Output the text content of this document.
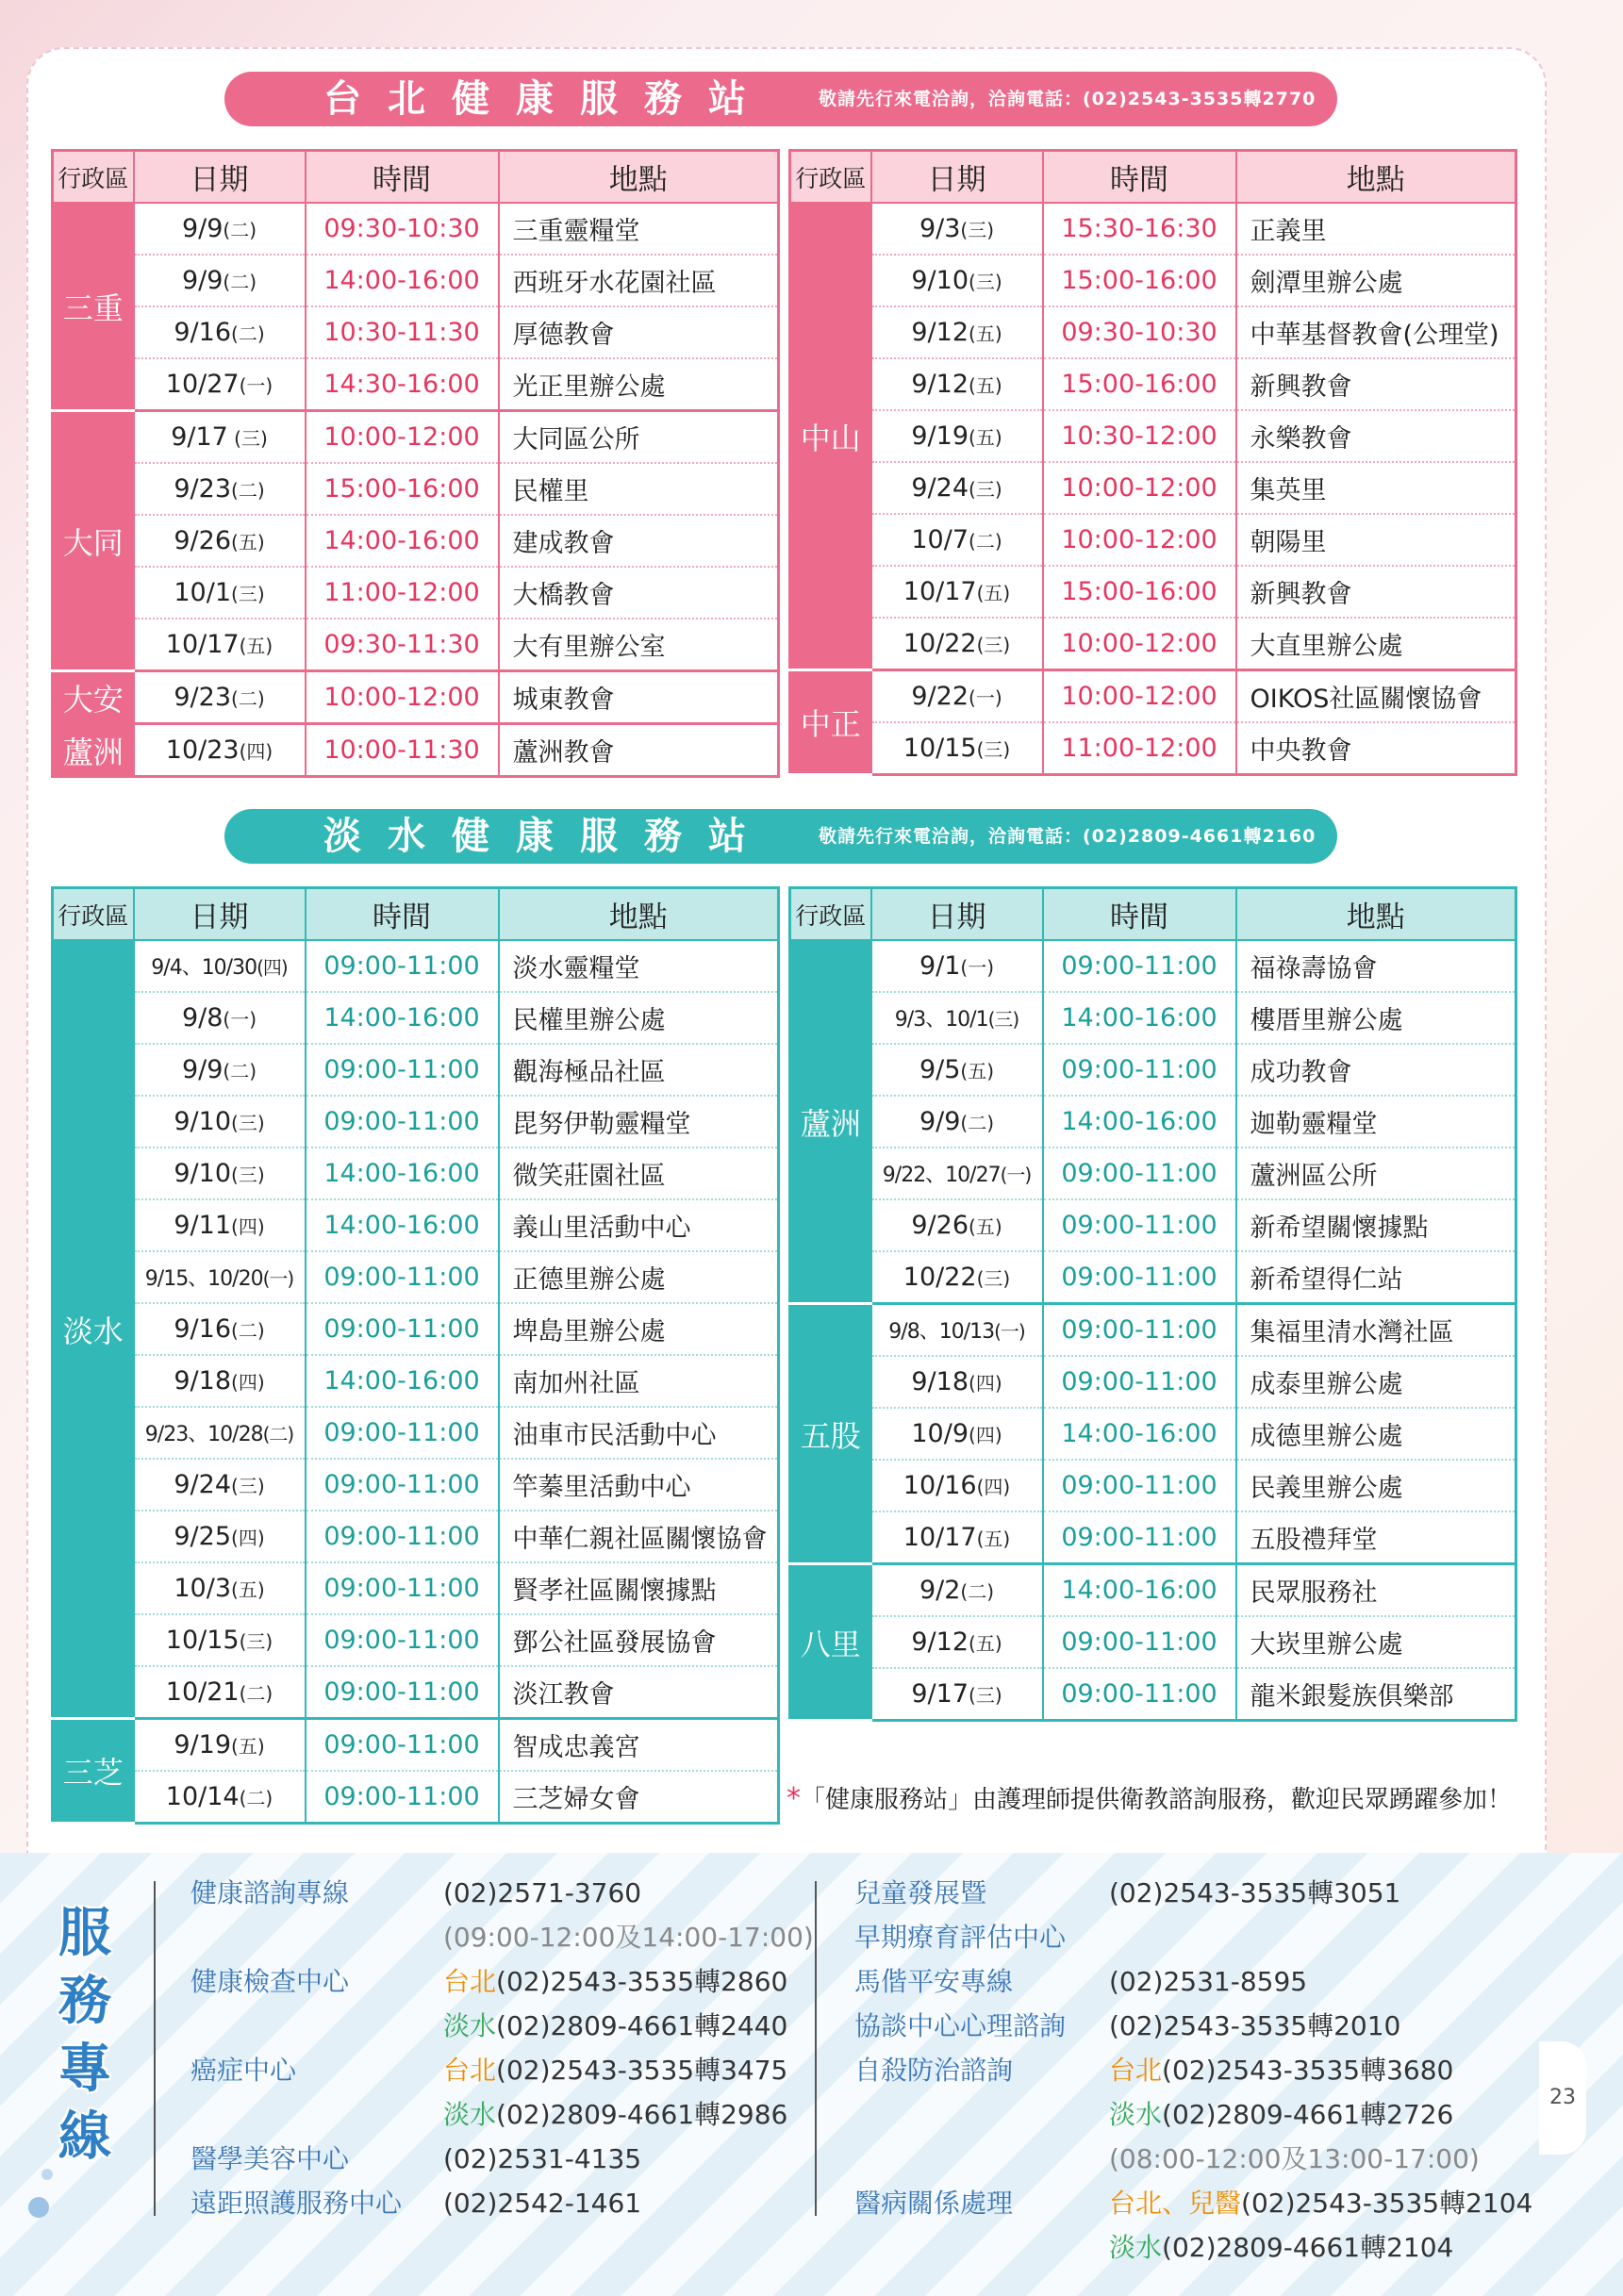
台北健康服務站	敬請先行來電洽詢，洽詢電話：(02)2543-3535轉2770
行政區	日期	時間	地點
三重	9/9(二)	09:30-10:30	三重靈糧堂
	9/9(二)	14:00-16:00	西班牙水花園社區
	9/16(二)	10:30-11:30	厚德教會
	10/27(一)	14:30-16:00	光正里辦公處
大同	9/17 (三)	10:00-12:00	大同區公所
	9/23(二)	15:00-16:00	民權里
	9/26(五)	14:00-16:00	建成教會
	10/1(三)	11:00-12:00	大橋教會
	10/17(五)	09:30-11:30	大有里辦公室
大安	9/23(二)	10:00-12:00	城東教會
蘆洲	10/23(四)	10:00-11:30	蘆洲教會
行政區	日期	時間	地點
中山	9/3(三)	15:30-16:30	正義里
	9/10(三)	15:00-16:00	劍潭里辦公處
	9/12(五)	09:30-10:30	中華基督教會(公理堂)
	9/12(五)	15:00-16:00	新興教會
	9/19(五)	10:30-12:00	永樂教會
	9/24(三)	10:00-12:00	集英里
	10/7(二)	10:00-12:00	朝陽里
	10/17(五)	15:00-16:00	新興教會
	10/22(三)	10:00-12:00	大直里辦公處
中正	9/22(一)	10:00-12:00	OIKOS社區關懷協會
	10/15(三)	11:00-12:00	中央教會
淡水健康服務站	敬請先行來電洽詢，洽詢電話：(02)2809-4661轉2160
行政區	日期	時間	地點
淡水	9/4、10/30(四)	09:00-11:00	淡水靈糧堂
	9/8(一)	14:00-16:00	民權里辦公處
	9/9(二)	09:00-11:00	觀海極品社區
	9/10(三)	09:00-11:00	毘努伊勒靈糧堂
	9/10(三)	14:00-16:00	微笑莊園社區
	9/11(四)	14:00-16:00	義山里活動中心
	9/15、10/20(一)	09:00-11:00	正德里辦公處
	9/16(二)	09:00-11:00	埤島里辦公處
	9/18(四)	14:00-16:00	南加州社區
	9/23、10/28(二)	09:00-11:00	油車市民活動中心
	9/24(三)	09:00-11:00	竿蓁里活動中心
	9/25(四)	09:00-11:00	中華仁親社區關懷協會
	10/3(五)	09:00-11:00	賢孝社區關懷據點
	10/15(三)	09:00-11:00	鄧公社區發展協會
	10/21(二)	09:00-11:00	淡江教會
三芝	9/19(五)	09:00-11:00	智成忠義宮
	10/14(二)	09:00-11:00	三芝婦女會
行政區	日期	時間	地點
蘆洲	9/1(一)	09:00-11:00	福祿壽協會
	9/3、10/1(三)	14:00-16:00	樓厝里辦公處
	9/5(五)	09:00-11:00	成功教會
	9/9(二)	14:00-16:00	迦勒靈糧堂
	9/22、10/27(一)	09:00-11:00	蘆洲區公所
	9/26(五)	09:00-11:00	新希望關懷據點
	10/22(三)	09:00-11:00	新希望得仁站
五股	9/8、10/13(一)	09:00-11:00	集福里清水灣社區
	9/18(四)	09:00-11:00	成泰里辦公處
	10/9(四)	14:00-16:00	成德里辦公處
	10/16(四)	09:00-11:00	民義里辦公處
	10/17(五)	09:00-11:00	五股禮拜堂
八里	9/2(二)	14:00-16:00	民眾服務社
	9/12(五)	09:00-11:00	大崁里辦公處
	9/17(三)	09:00-11:00	龍米銀髮族俱樂部
*「健康服務站」由護理師提供衛教諮詢服務，歡迎民眾踴躍參加！
服
務
專
線
健康諮詢專線	(02)2571-3760
(09:00-12:00及14:00-17:00)
健康檢查中心	台北(02)2543-3535轉2860
淡水(02)2809-4661轉2440
癌症中心	台北(02)2543-3535轉3475
淡水(02)2809-4661轉2986
醫學美容中心	(02)2531-4135
遠距照護服務中心 (02)2542-1461
兒童發展暨	(02)2543-3535轉3051
早期療育評估中心
馬偕平安專線	(02)2531-8595
協談中心心理諮詢 (02)2543-3535轉2010
自殺防治諮詢	台北(02)2543-3535轉3680
淡水(02)2809-4661轉2726
(08:00-12:00及13:00-17:00)
醫病關係處理	台北、兒醫(02)2543-3535轉2104
淡水(02)2809-4661轉2104
23
